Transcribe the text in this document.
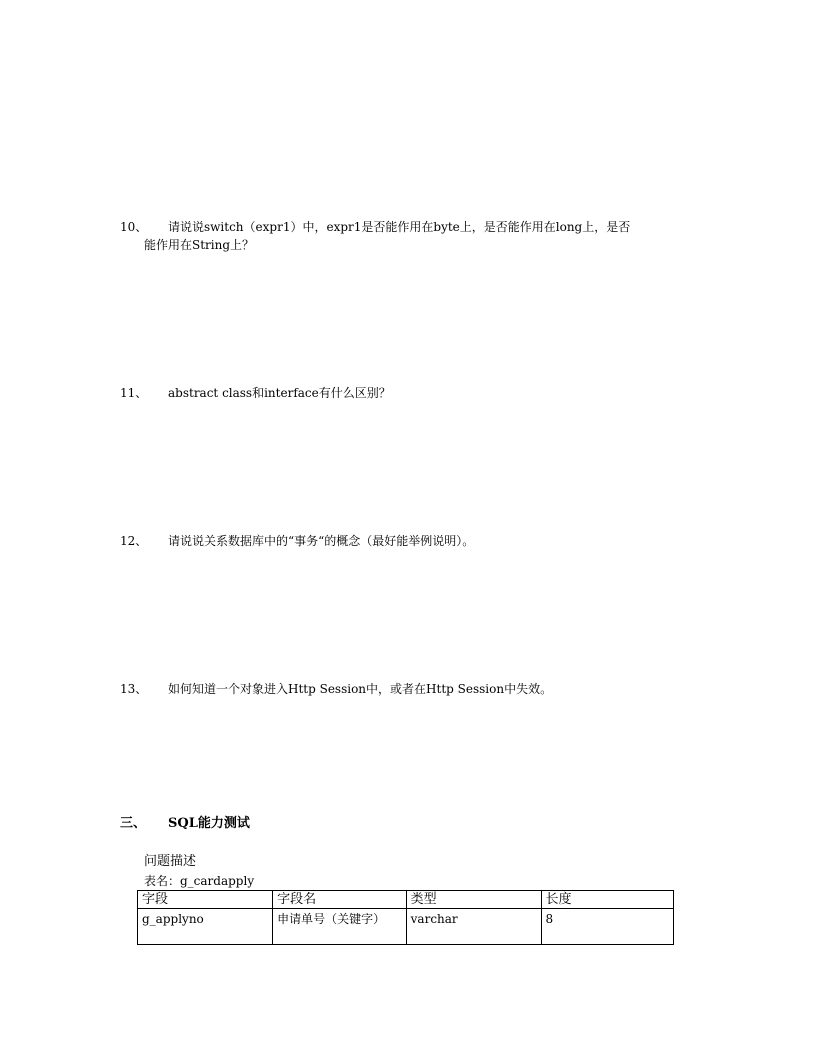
10、 请说说switch（expr1）中，expr1是否能作用在byte上，是否能作用在long上，是否
能作用在String上？
11、 abstract class和interface有什么区别？
12、 请说说关系数据库中的“事务“的概念（最好能举例说明）。
13、 如何知道一个对象进入Http Session中，或者在Http Session中失效。
三、 SQL能力测试
问题描述
表名：g_cardapply
字段	字段名	类型	长度
g_applyno	申请单号（关键字）	varchar	8
